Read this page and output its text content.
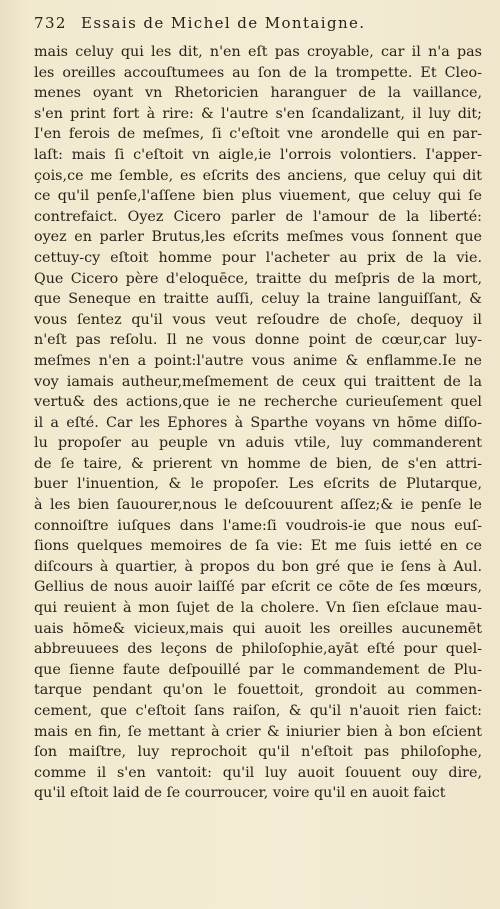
732 Essais de Michel de Montaigne.
mais celuy qui les dit, n'en eſt pas croyable, car il n'a pas
les oreilles accouſtumees au ſon de la trompette. Et Cleo-
menes oyant vn Rhetoricien haranguer de la vaillance,
s'en print fort à rire: & l'autre s'en ſcandalizant, il luy dit;
I'en ferois de meſmes, ſi c'eſtoit vne arondelle qui en par-
laſt: mais ſi c'eſtoit vn aigle,ie l'orrois volontiers. I'apper-
çois,ce me ſemble, es eſcrits des anciens, que celuy qui dit
ce qu'il penſe,l'aſſene bien plus viuement, que celuy qui ſe
contrefaict. Oyez Cicero parler de l'amour de la liberté:
oyez en parler Brutus,les eſcrits meſmes vous ſonnent que
cettuy-cy eſtoit homme pour l'acheter au prix de la vie.
Que Cicero père d'eloquēce, traitte du meſpris de la mort,
que Seneque en traitte auſſi, celuy la traine languiſſant, &
vous ſentez qu'il vous veut reſoudre de choſe, dequoy il
n'eſt pas reſolu. Il ne vous donne point de cœur,car luy-
meſmes n'en a point:l'autre vous anime & enflamme.Ie ne
voy iamais autheur,meſmement de ceux qui traittent de la
vertu& des actions,que ie ne recherche curieuſement quel
il a eſté. Car les Ephores à Sparthe voyans vn hōme diſſo-
lu propoſer au peuple vn aduis vtile, luy commanderent
de ſe taire, & prierent vn homme de bien, de s'en attri-
buer l'inuention, & le propoſer. Les eſcrits de Plutarque,
à les bien ſauourer,nous le deſcouurent aſſez;& ie penſe le
connoiſtre iuſques dans l'ame:ſi voudrois-ie que nous euſ-
ſions quelques memoires de ſa vie: Et me ſuis ietté en ce
diſcours à quartier, à propos du bon gré que ie ſens à Aul.
Gellius de nous auoir laiſſé par eſcrit ce cōte de ſes mœurs,
qui reuient à mon ſujet de la cholere. Vn ſien eſclaue mau-
uais hōme& vicieux,mais qui auoit les oreilles aucunemēt
abbreuuees des leçons de philoſophie,ayāt eſté pour quel-
que ſienne faute deſpouillé par le commandement de Plu-
tarque pendant qu'on le fouettoit, grondoit au commen-
cement, que c'eſtoit ſans raiſon, & qu'il n'auoit rien faict:
mais en fin, ſe mettant à crier & iniurier bien à bon eſcient
ſon maiſtre, luy reprochoit qu'il n'eſtoit pas philoſophe,
comme il s'en vantoit: qu'il luy auoit ſouuent ouy dire,
qu'il eſtoit laid de ſe courroucer, voire qu'il en auoit faict
